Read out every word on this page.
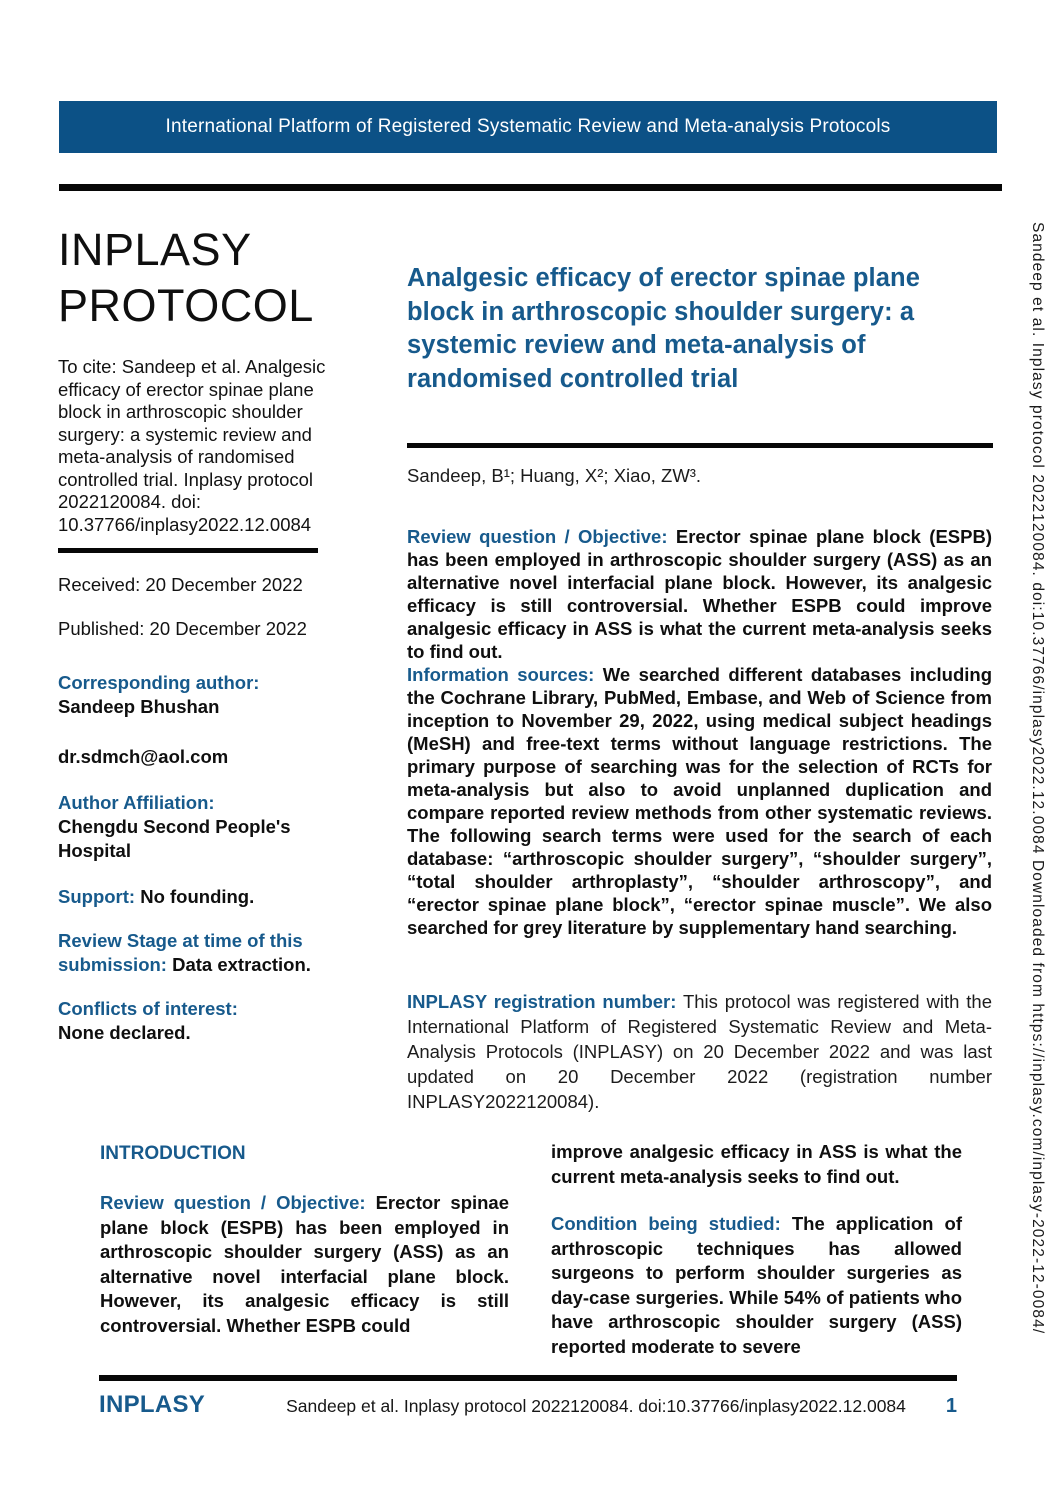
International Platform of Registered Systematic Review and Meta-analysis Protocols
INPLASY
PROTOCOL

To cite: Sandeep et al. Analgesic efficacy of erector spinae plane block in arthroscopic shoulder surgery: a systemic review and meta-analysis of randomised controlled trial. Inplasy protocol 2022120084. doi: 10.37766/inplasy2022.12.0084

Received: 20 December 2022

Published: 20 December 2022

Corresponding author:
Sandeep Bhushan
dr.sdmch@aol.com
Author Affiliation:
Chengdu Second People's Hospital

Support: No founding.

Review Stage at time of this submission: Data extraction.

Conflicts of interest:
None declared.
Analgesic efficacy of erector spinae plane block in arthroscopic shoulder surgery: a systemic review and meta-analysis of randomised controlled trial

Sandeep, B¹; Huang, X²; Xiao, ZW³.

Review question / Objective: Erector spinae plane block (ESPB) has been employed in arthroscopic shoulder surgery (ASS) as an alternative novel interfacial plane block. However, its analgesic efficacy is still controversial. Whether ESPB could improve analgesic efficacy in ASS is what the current meta-analysis seeks to find out.

Information sources: We searched different databases including the Cochrane Library, PubMed, Embase, and Web of Science from inception to November 29, 2022, using medical subject headings (MeSH) and free-text terms without language restrictions. The primary purpose of searching was for the selection of RCTs for meta-analysis but also to avoid unplanned duplication and compare reported review methods from other systematic reviews. The following search terms were used for the search of each database: “arthroscopic shoulder surgery”, “shoulder surgery”, “total shoulder arthroplasty”, “shoulder arthroscopy”, and “erector spinae plane block”, “erector spinae muscle”. We also searched for grey literature by supplementary hand searching.

INPLASY registration number: This protocol was registered with the International Platform of Registered Systematic Review and Meta-Analysis Protocols (INPLASY) on 20 December 2022 and was last updated on 20 December 2022 (registration number INPLASY2022120084).

INTRODUCTION

Review question / Objective: Erector spinae plane block (ESPB) has been employed in arthroscopic shoulder surgery (ASS) as an alternative novel interfacial plane block. However, its analgesic efficacy is still controversial. Whether ESPB could

improve analgesic efficacy in ASS is what the current meta-analysis seeks to find out.

Condition being studied: The application of arthroscopic techniques has allowed surgeons to perform shoulder surgeries as day-case surgeries. While 54% of patients who have arthroscopic shoulder surgery (ASS) reported moderate to severe

INPLASY	Sandeep et al. Inplasy protocol 2022120084. doi:10.37766/inplasy2022.12.0084	1
Sandeep et al. Inplasy protocol 2022120084. doi:10.37766/inplasy2022.12.0084 Downloaded from https://inplasy.com/inplasy-2022-12-0084/
